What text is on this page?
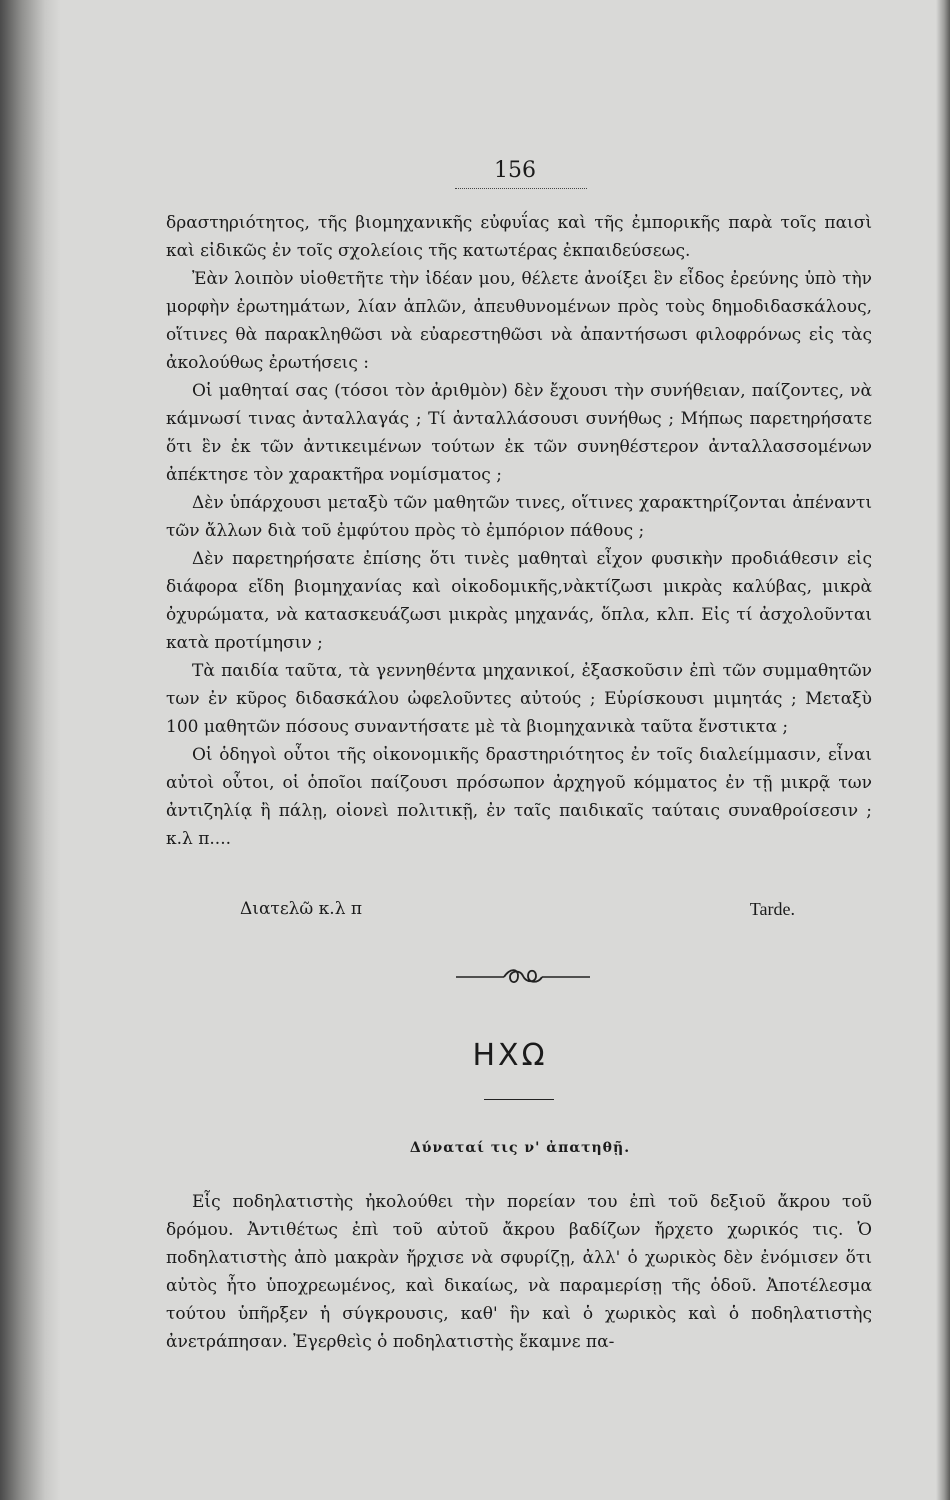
156

δραστηριότητος, τῆς βιομηχανικῆς εὐφυΐας καὶ τῆς ἐμπορικῆς παρὰ τοῖς παισὶ καὶ εἰδικῶς ἐν τοῖς σχολείοις τῆς κατωτέρας ἐκπαιδεύσεως.

Ἐὰν λοιπὸν υἱοθετῆτε τὴν ἰδέαν μου, θέλετε ἀνοίξει ἓν εἶδος ἐρεύνης ὑπὸ τὴν μορφὴν ἐρωτημάτων, λίαν ἁπλῶν, ἀπευθυνομένων πρὸς τοὺς δημοδιδασκάλους, οἵτινες θὰ παρακληθῶσι νὰ εὐαρεστηθῶσι νὰ ἀπαντήσωσι φιλοφρόνως εἰς τὰς ἀκολούθως ἐρωτήσεις :

Οἱ μαθηταί σας (τόσοι τὸν ἀριθμὸν) δὲν ἔχουσι τὴν συνήθειαν, παίζοντες, νὰ κάμνωσί τινας ἀνταλλαγάς ; Τί ἀνταλλάσουσι συνήθως ; Μήπως παρετηρήσατε ὅτι ἓν ἐκ τῶν ἀντικειμένων τούτων ἐκ τῶν συνηθέστερον ἀνταλλασσομένων ἀπέκτησε τὸν χαρακτῆρα νομίσματος ;

Δὲν ὑπάρχουσι μεταξὺ τῶν μαθητῶν τινες, οἵτινες χαρακτηρίζονται ἀπέναντι τῶν ἄλλων διὰ τοῦ ἐμφύτου πρὸς τὸ ἐμπόριον πάθους ;

Δὲν παρετηρήσατε ἐπίσης ὅτι τινὲς μαθηταὶ εἶχον φυσικὴν προδιάθεσιν εἰς διάφορα εἴδη βιομηχανίας καὶ οἰκοδομικῆς,νὰκτίζωσι μικρὰς καλύβας, μικρὰ ὀχυρώματα, νὰ κατασκευάζωσι μικρὰς μηχανάς, ὅπλα, κλπ. Εἰς τί ἀσχολοῦνται κατὰ προτίμησιν ;

Τὰ παιδία ταῦτα, τὰ γεννηθέντα μηχανικοί, ἐξασκοῦσιν ἐπὶ τῶν συμμαθητῶν των ἐν κῦρος διδασκάλου ὠφελοῦντες αὐτούς ; Εὑρίσκουσι μιμητάς ; Μεταξὺ 100 μαθητῶν πόσους συναντήσατε μὲ τὰ βιομηχανικὰ ταῦτα ἔνστικτα ;

Οἱ ὁδηγοὶ οὗτοι τῆς οἰκονομικῆς δραστηριότητος ἐν τοῖς διαλείμμασιν, εἶναι αὐτοὶ οὗτοι, οἱ ὁποῖοι παίζουσι πρόσωπον ἀρχηγοῦ κόμματος ἐν τῇ μικρᾷ των ἀντιζηλίᾳ ἢ πάλῃ, οἱονεὶ πολιτικῇ, ἐν ταῖς παιδικαῖς ταύταις συναθροίσεσιν ; κ.λ π....

Διατελῶ κ.λ π	Tarde.
ΗΧΩ
Δύναταί τις ν' ἀπατηθῇ.

Εἷς ποδηλατιστὴς ἠκολούθει τὴν πορείαν του ἐπὶ τοῦ δεξιοῦ ἄκρου τοῦ δρόμου. Ἀντιθέτως ἐπὶ τοῦ αὐτοῦ ἄκρου βαδίζων ἤρχετο χωρικός τις. Ὁ ποδηλατιστὴς ἀπὸ μακρὰν ἤρχισε νὰ σφυρίζῃ, ἀλλ' ὁ χωρικὸς δὲν ἐνόμισεν ὅτι αὐτὸς ἦτο ὑποχρεωμένος, καὶ δικαίως, νὰ παραμερίσῃ τῆς ὁδοῦ. Ἀποτέλεσμα τούτου ὑπῆρξεν ἡ σύγκρουσις, καθ' ἣν καὶ ὁ χωρικὸς καὶ ὁ ποδηλατιστὴς ἀνετράπησαν. Ἐγερθεὶς ὁ ποδηλατιστὴς ἔκαμνε πα-
